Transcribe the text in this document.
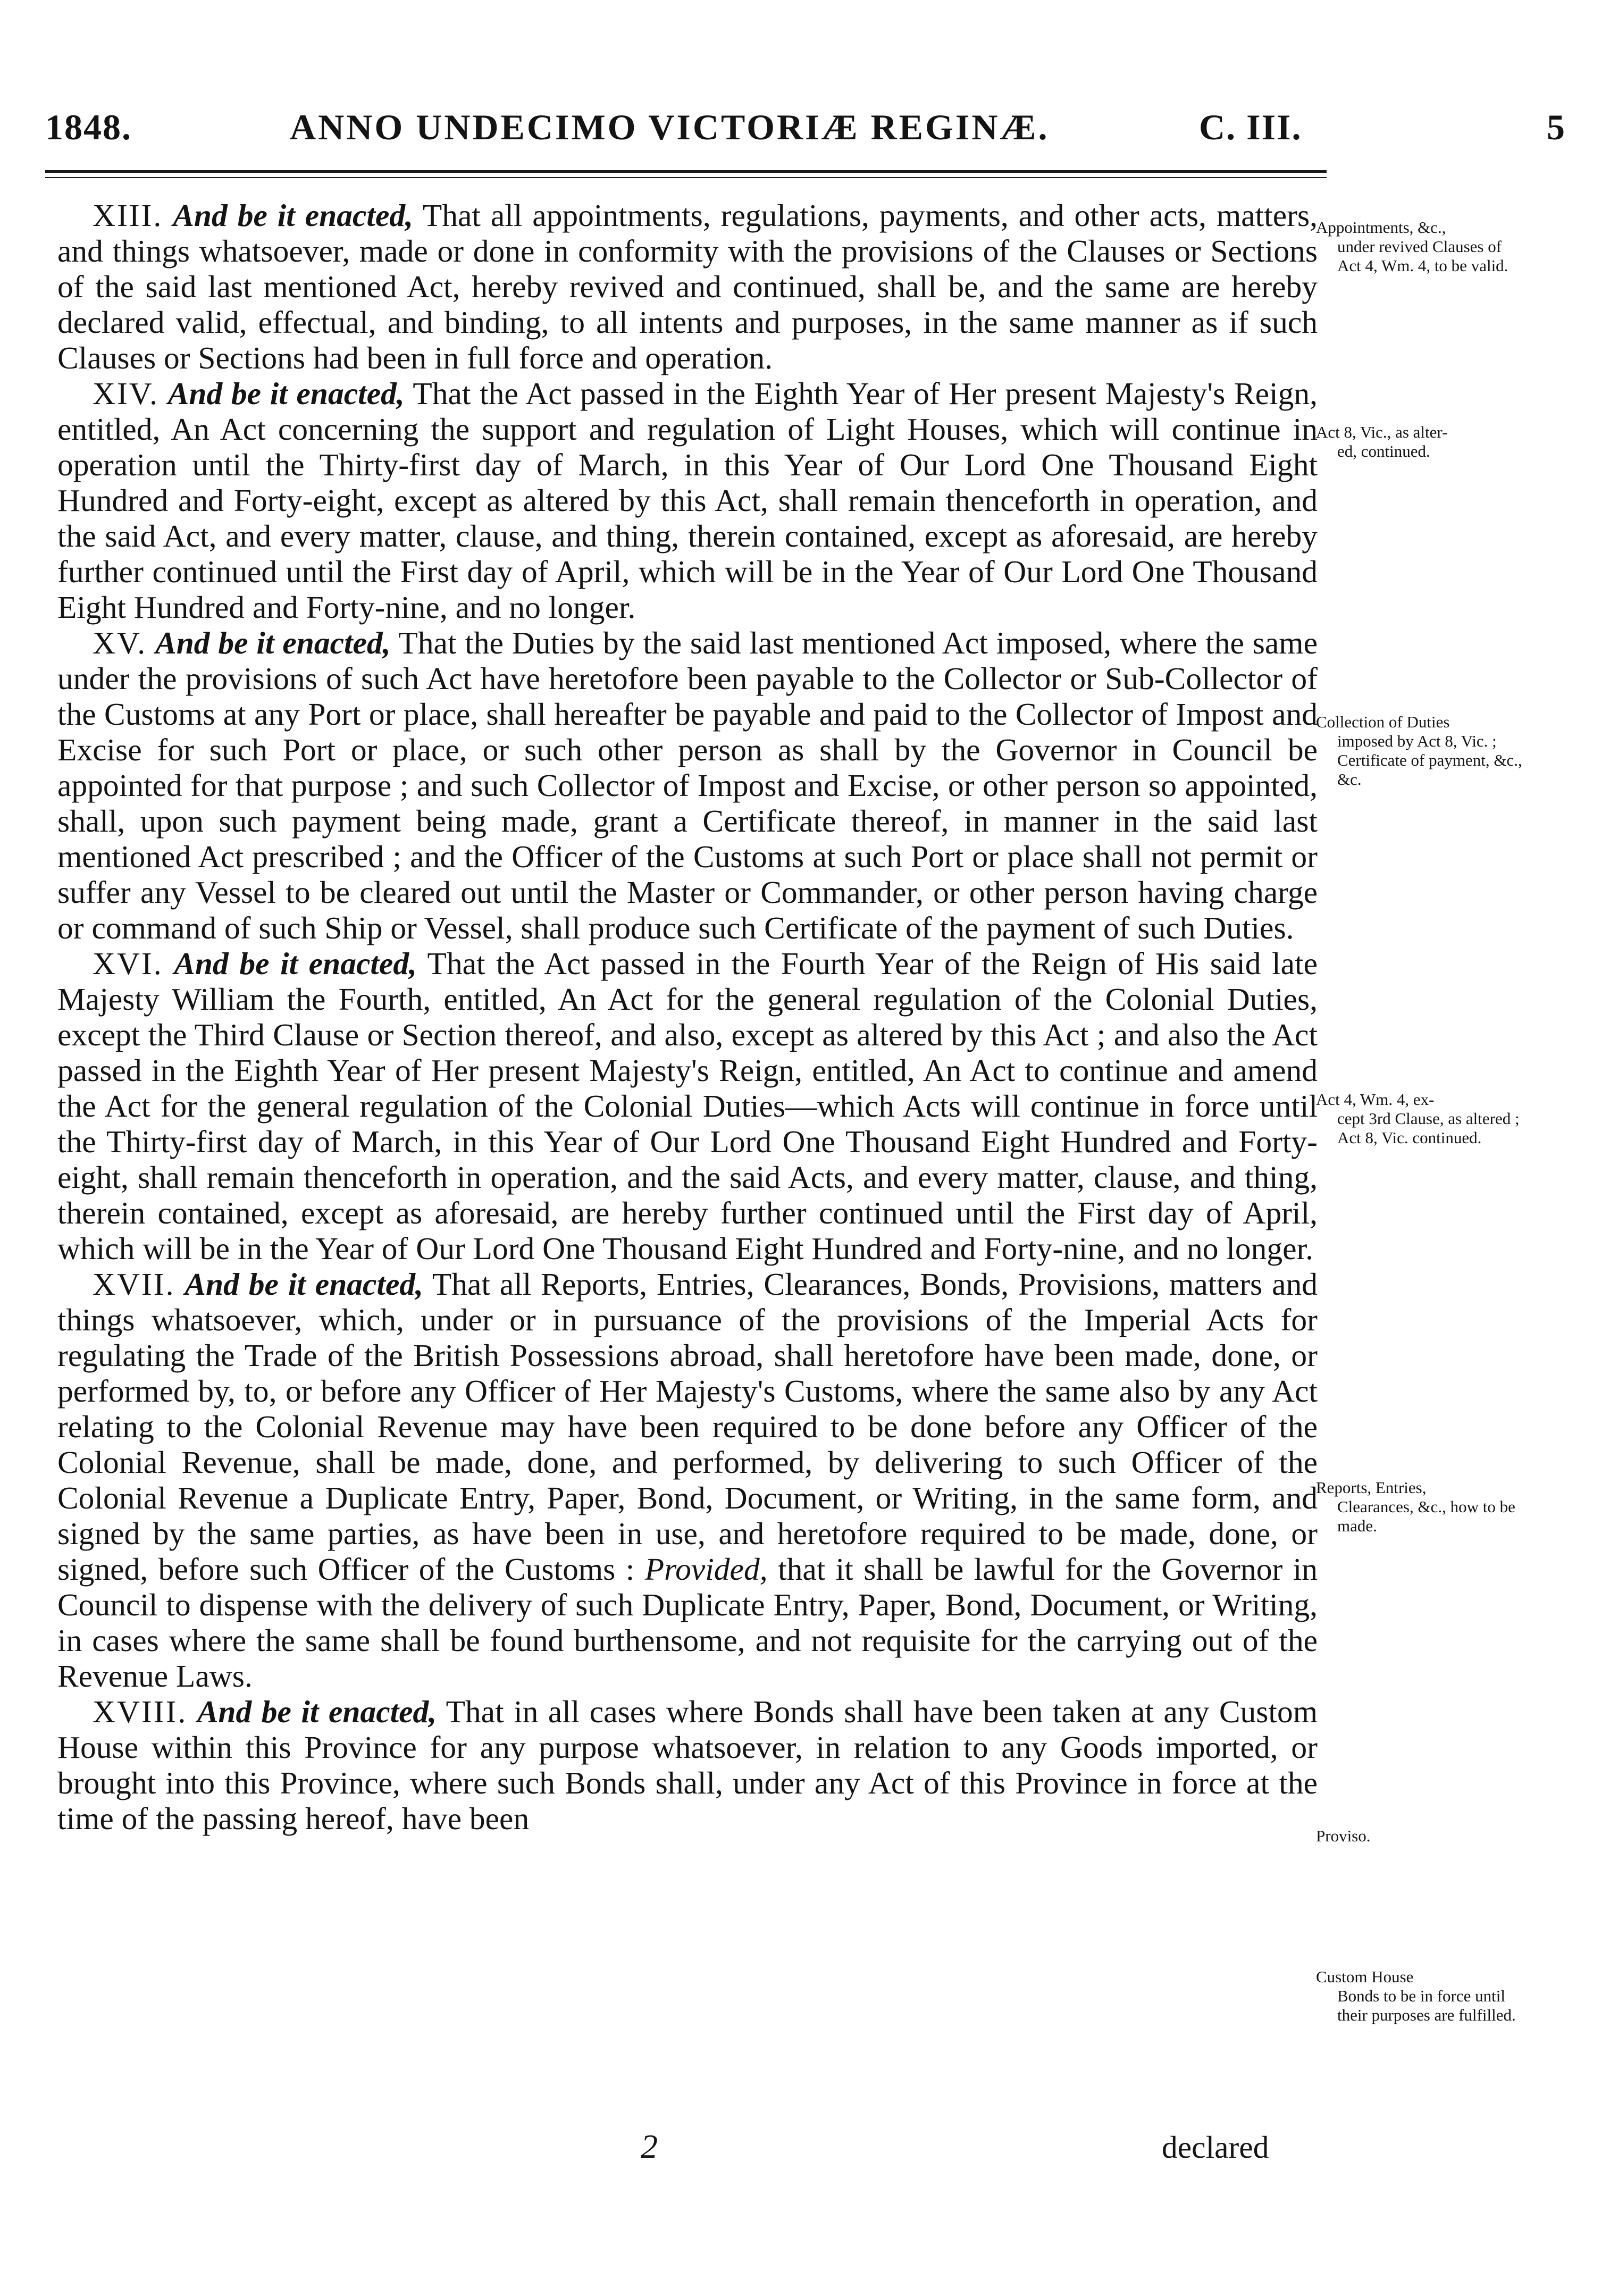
1848.	ANNO UNDECIMO VICTORIÆ REGINÆ.	C. III.	5

XIII. And be it enacted, That all appointments, regulations, payments, and other acts, matters, and things whatsoever, made or done in conformity with the provisions of the Clauses or Sections of the said last mentioned Act, hereby revived and continued, shall be, and the same are hereby declared valid, effectual, and binding, to all intents and purposes, in the same manner as if such Clauses or Sections had been in full force and operation.

XIV. And be it enacted, That the Act passed in the Eighth Year of Her present Majesty's Reign, entitled, An Act concerning the support and regulation of Light Houses, which will continue in operation until the Thirty-first day of March, in this Year of Our Lord One Thousand Eight Hundred and Forty-eight, except as altered by this Act, shall remain thenceforth in operation, and the said Act, and every matter, clause, and thing, therein contained, except as aforesaid, are hereby further continued until the First day of April, which will be in the Year of Our Lord One Thousand Eight Hundred and Forty-nine, and no longer.

XV. And be it enacted, That the Duties by the said last mentioned Act imposed, where the same under the provisions of such Act have heretofore been payable to the Collector or Sub-Collector of the Customs at any Port or place, shall hereafter be payable and paid to the Collector of Impost and Excise for such Port or place, or such other person as shall by the Governor in Council be appointed for that purpose ; and such Collector of Impost and Excise, or other person so appointed, shall, upon such payment being made, grant a Certificate thereof, in manner in the said last mentioned Act prescribed ; and the Officer of the Customs at such Port or place shall not permit or suffer any Vessel to be cleared out until the Master or Commander, or other person having charge or command of such Ship or Vessel, shall produce such Certificate of the payment of such Duties.

XVI. And be it enacted, That the Act passed in the Fourth Year of the Reign of His said late Majesty William the Fourth, entitled, An Act for the general regulation of the Colonial Duties, except the Third Clause or Section thereof, and also, except as altered by this Act ; and also the Act passed in the Eighth Year of Her present Majesty's Reign, entitled, An Act to continue and amend the Act for the general regulation of the Colonial Duties—which Acts will continue in force until the Thirty-first day of March, in this Year of Our Lord One Thousand Eight Hundred and Forty-eight, shall remain thenceforth in operation, and the said Acts, and every matter, clause, and thing, therein contained, except as aforesaid, are hereby further continued until the First day of April, which will be in the Year of Our Lord One Thousand Eight Hundred and Forty-nine, and no longer.

XVII. And be it enacted, That all Reports, Entries, Clearances, Bonds, Provisions, matters and things whatsoever, which, under or in pursuance of the provisions of the Imperial Acts for regulating the Trade of the British Possessions abroad, shall heretofore have been made, done, or performed by, to, or before any Officer of Her Majesty's Customs, where the same also by any Act relating to the Colonial Revenue may have been required to be done before any Officer of the Colonial Revenue, shall be made, done, and performed, by delivering to such Officer of the Colonial Revenue a Duplicate Entry, Paper, Bond, Document, or Writing, in the same form, and signed by the same parties, as have been in use, and heretofore required to be made, done, or signed, before such Officer of the Customs : Provided, that it shall be lawful for the Governor in Council to dispense with the delivery of such Duplicate Entry, Paper, Bond, Document, or Writing, in cases where the same shall be found burthensome, and not requisite for the carrying out of the Revenue Laws.

XVIII. And be it enacted, That in all cases where Bonds shall have been taken at any Custom House within this Province for any purpose whatsoever, in relation to any Goods imported, or brought into this Province, where such Bonds shall, under any Act of this Province in force at the time of the passing hereof, have been

Appointments, &c.,
under revived Clauses of Act 4, Wm. 4, to be valid.
Act 8, Vic., as alter-
ed, continued.
Collection of Duties
imposed by Act 8, Vic. ; Certificate of payment, &c., &c.
Act 4, Wm. 4, ex-
cept 3rd Clause, as altered ; Act 8, Vic. continued.
Reports, Entries,
Clearances, &c., how to be made.
Proviso.
Custom House
Bonds to be in force until their purposes are fulfilled.
2	declared
